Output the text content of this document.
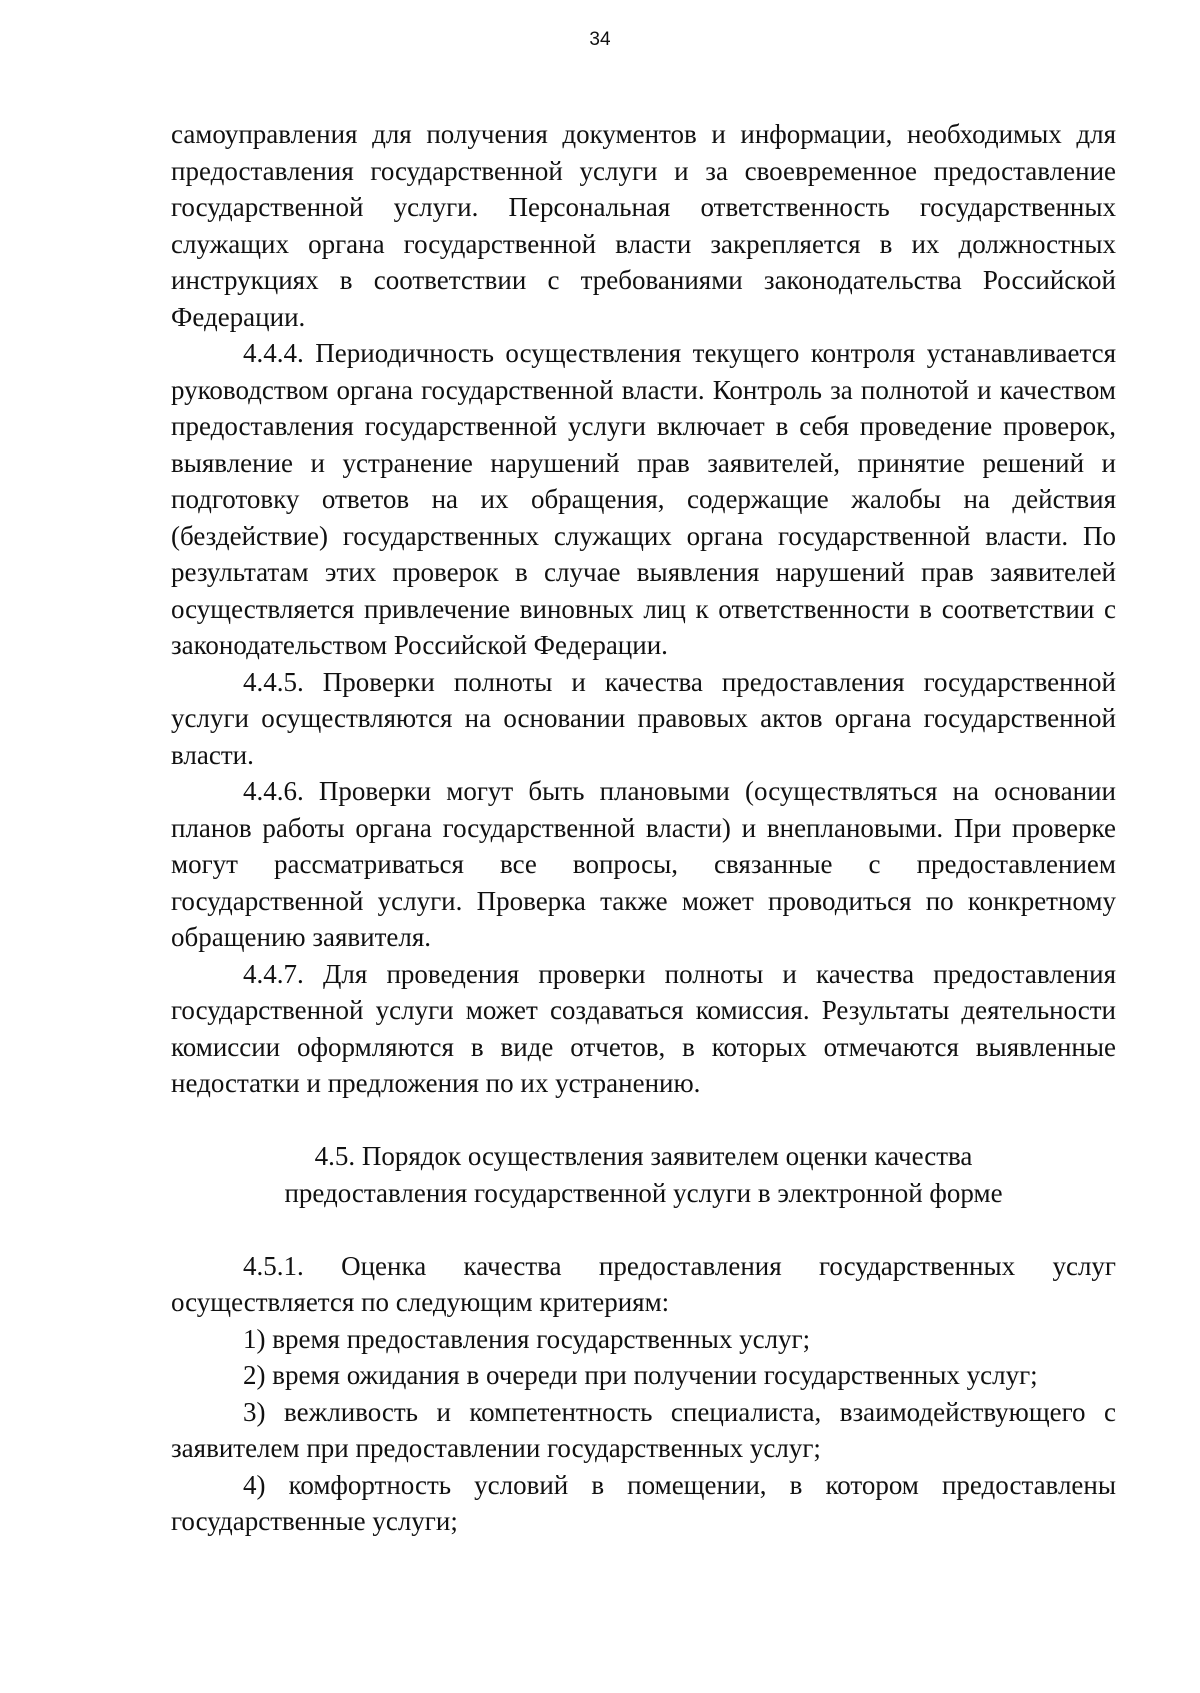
34

самоуправления для получения документов и информации, необходимых для предоставления государственной услуги и за своевременное предоставление государственной услуги. Персональная ответственность государственных служащих органа государственной власти закрепляется в их должностных инструкциях в соответствии с требованиями законодательства Российской Федерации.

4.4.4. Периодичность осуществления текущего контроля устанавливается руководством органа государственной власти. Контроль за полнотой и качеством предоставления государственной услуги включает в себя проведение проверок, выявление и устранение нарушений прав заявителей, принятие решений и подготовку ответов на их обращения, содержащие жалобы на действия (бездействие) государственных служащих органа государственной власти. По результатам этих проверок в случае выявления нарушений прав заявителей осуществляется привлечение виновных лиц к ответственности в соответствии с законодательством Российской Федерации.

4.4.5. Проверки полноты и качества предоставления государственной услуги осуществляются на основании правовых актов органа государственной власти.

4.4.6. Проверки могут быть плановыми (осуществляться на основании планов работы органа государственной власти) и внеплановыми. При проверке могут рассматриваться все вопросы, связанные с предоставлением государственной услуги. Проверка также может проводиться по конкретному обращению заявителя.

4.4.7. Для проведения проверки полноты и качества предоставления государственной услуги может создаваться комиссия. Результаты деятельности комиссии оформляются в виде отчетов, в которых отмечаются выявленные недостатки и предложения по их устранению.

4.5. Порядок осуществления заявителем оценки качества
предоставления государственной услуги в электронной форме

4.5.1. Оценка качества предоставления государственных услуг осуществляется по следующим критериям:

1) время предоставления государственных услуг;

2) время ожидания в очереди при получении государственных услуг;

3) вежливость и компетентность специалиста, взаимодействующего с заявителем при предоставлении государственных услуг;

4) комфортность условий в помещении, в котором предоставлены государственные услуги;
